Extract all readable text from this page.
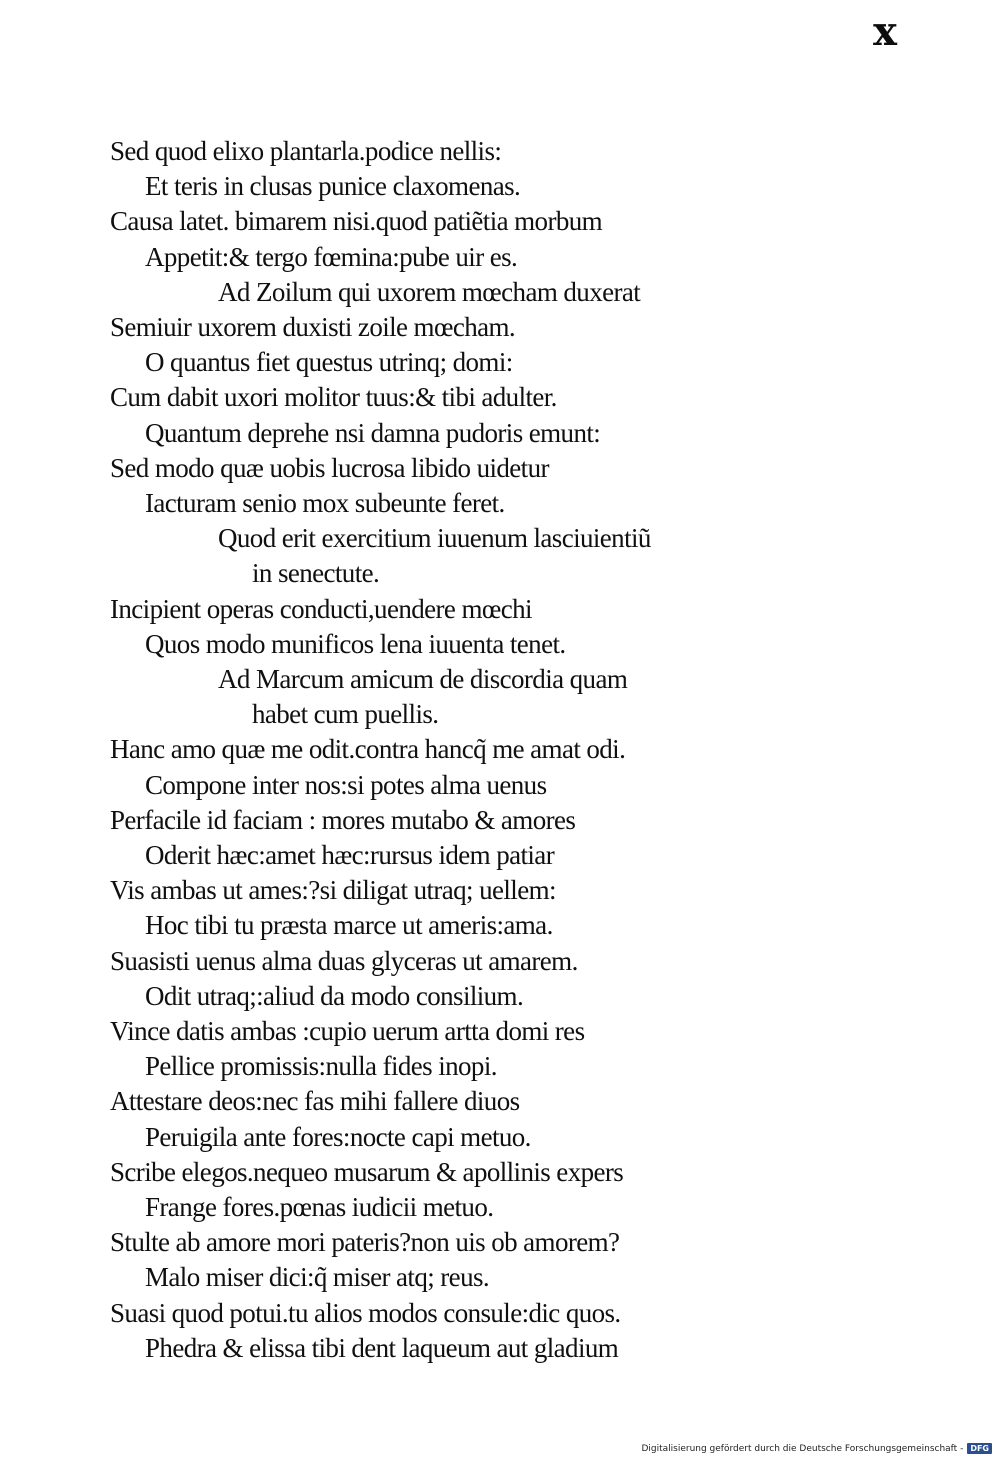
x
Sed quod elixo plantarla.podice nellis:
Et teris in clusas punice claxomenas.
Causa latet. bimarem nisi.quod patiẽtia morbum
Appetit:& tergo fœmina:pube uir es.
Ad Zoilum qui uxorem mœcham duxerat
Semiuir uxorem duxisti zoile mœcham.
O quantus fiet questus utrinq; domi:
Cum dabit uxori molitor tuus:& tibi adulter.
Quantum deprehe nsi damna pudoris emunt:
Sed modo quæ uobis lucrosa libido uidetur
Iacturam senio mox subeunte feret.
Quod erit exercitium iuuenum lasciuientiũ
in senectute.
Incipient operas conducti,uendere mœchi
Quos modo munificos lena iuuenta tenet.
Ad Marcum amicum de discordia quam
habet cum puellis.
Hanc amo quæ me odit.contra hancq̃ me amat odi.
Compone inter nos:si potes alma uenus
Perfacile id faciam : mores mutabo & amores
Oderit hæc:amet hæc:rursus idem patiar
Vis ambas ut ames:?si diligat utraq; uellem:
Hoc tibi tu præsta marce ut ameris:ama.
Suasisti uenus alma duas glyceras ut amarem.
Odit utraq;:aliud da modo consilium.
Vince datis ambas :cupio uerum artta domi res
Pellice promissis:nulla fides inopi.
Attestare deos:nec fas mihi fallere diuos
Peruigila ante fores:nocte capi metuo.
Scribe elegos.nequeo musarum & apollinis expers
Frange fores.pœnas iudicii metuo.
Stulte ab amore mori pateris?non uis ob amorem?
Malo miser dici:q̃ miser atq; reus.
Suasi quod potui.tu alios modos consule:dic quos.
Phedra & elissa tibi dent laqueum aut gladium
Digitalisierung gefördert durch die Deutsche Forschungsgemeinschaft - DFG
